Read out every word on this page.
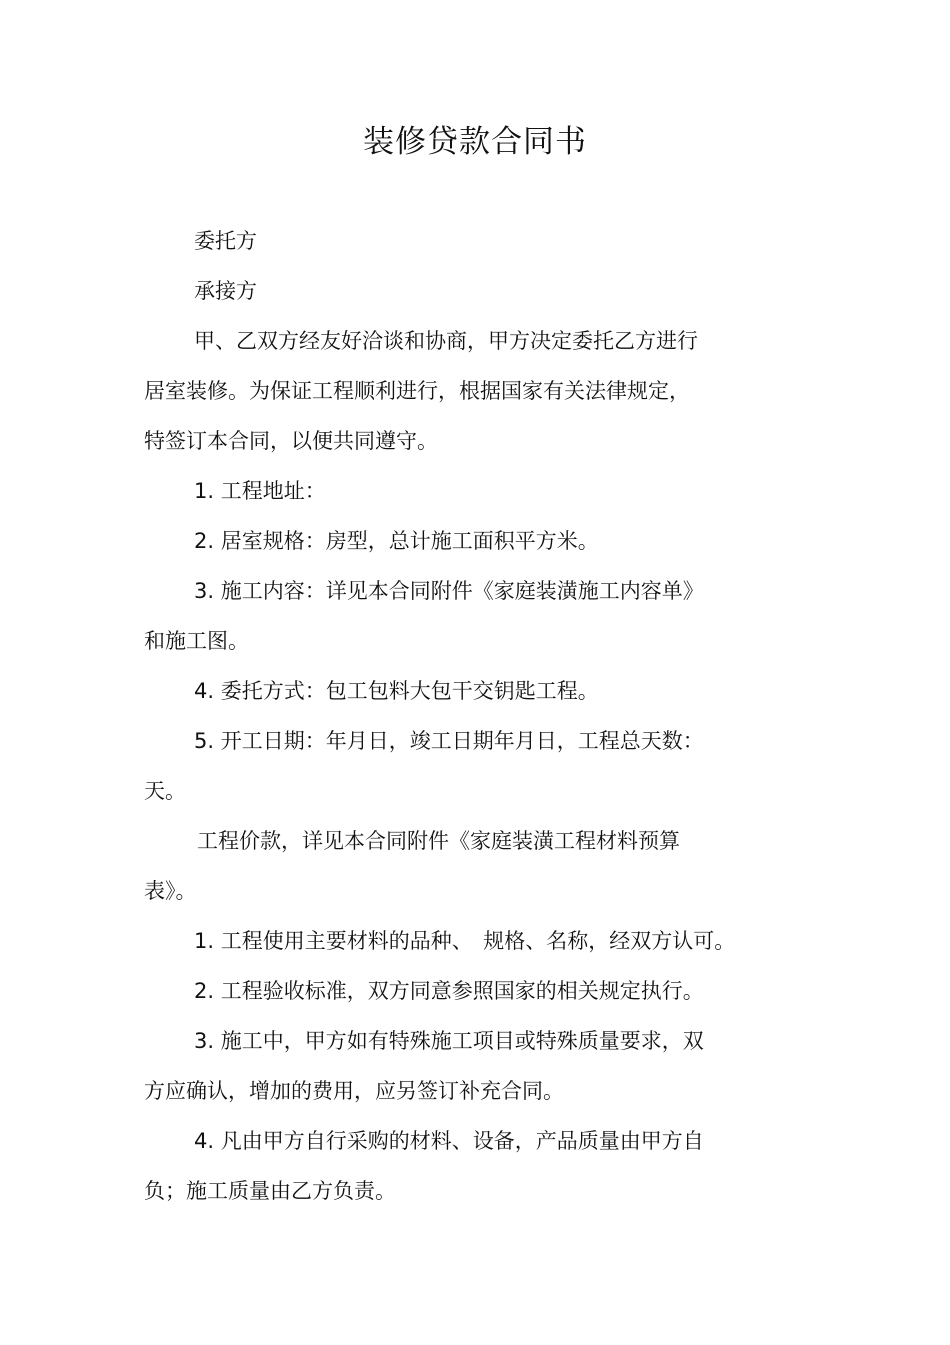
装修贷款合同书

委托方

承接方

甲、乙双方经友好洽谈和协商，甲方决定委托乙方进行

居室装修。为保证工程顺利进行，根据国家有关法律规定，

特签订本合同，以便共同遵守。

1. 工程地址：

2. 居室规格：房型，总计施工面积平方米。

3. 施工内容：详见本合同附件《家庭装潢施工内容单》

和施工图。

4. 委托方式：包工包料大包干交钥匙工程。

5. 开工日期：年月日，竣工日期年月日，工程总天数：

天。

工程价款，详见本合同附件《家庭装潢工程材料预算

表》。

1. 工程使用主要材料的品种、　规格、名称，经双方认可。

2. 工程验收标准，双方同意参照国家的相关规定执行。

3. 施工中，甲方如有特殊施工项目或特殊质量要求，双

方应确认，增加的费用，应另签订补充合同。

4. 凡由甲方自行采购的材料、设备，产品质量由甲方自

负；施工质量由乙方负责。
